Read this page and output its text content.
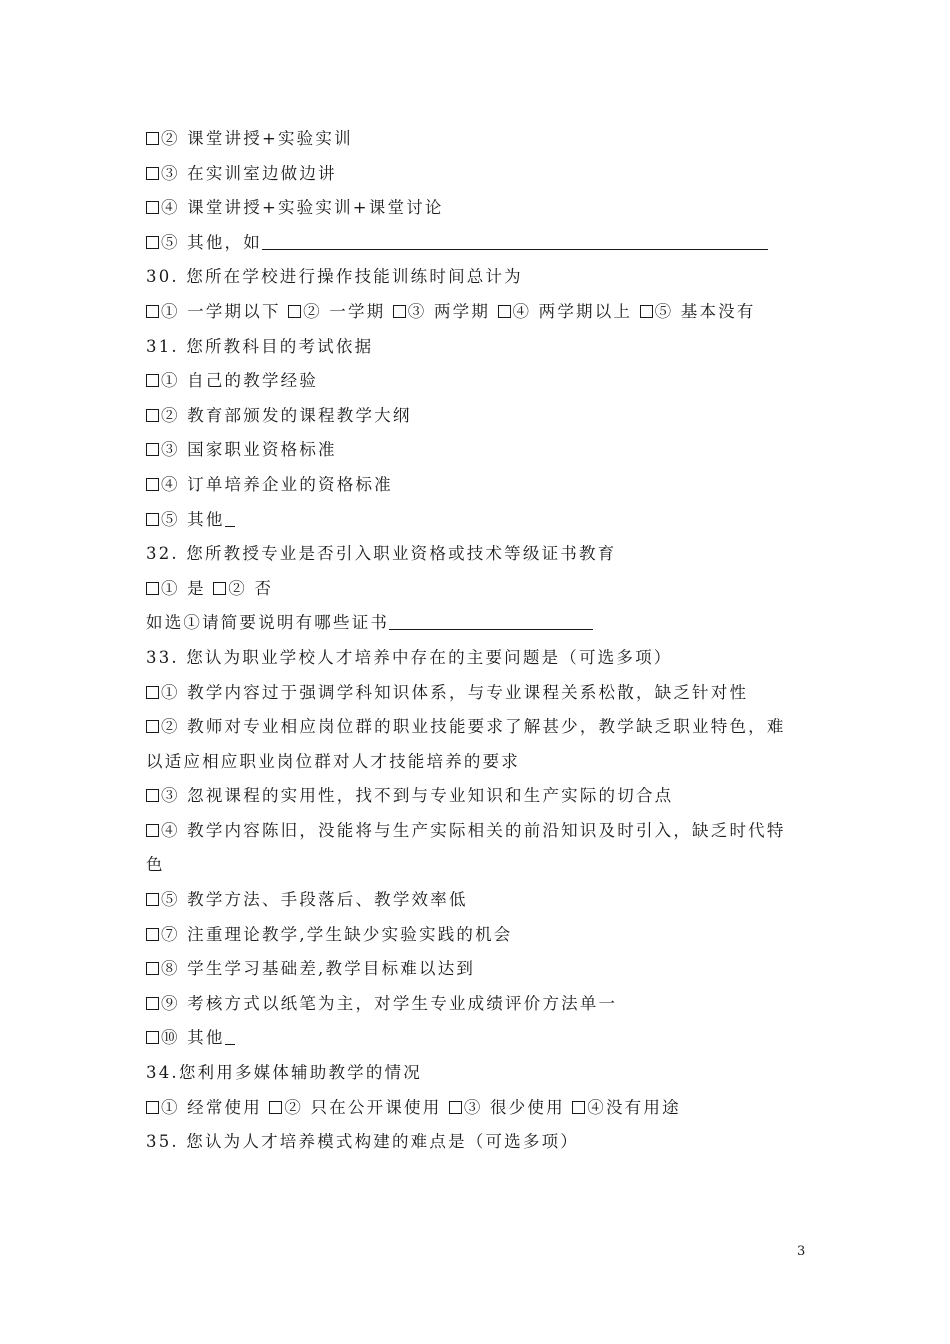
② 课堂讲授+实验实训
③ 在实训室边做边讲
④ 课堂讲授+实验实训+课堂讨论
⑤ 其他，如
30. 您所在学校进行操作技能训练时间总计为
① 一学期以下 ② 一学期 ③ 两学期 ④ 两学期以上 ⑤ 基本没有
31. 您所教科目的考试依据
① 自己的教学经验
② 教育部颁发的课程教学大纲
③ 国家职业资格标准
④ 订单培养企业的资格标准
⑤ 其他
32. 您所教授专业是否引入职业资格或技术等级证书教育
① 是 ② 否
如选①请简要说明有哪些证书
33. 您认为职业学校人才培养中存在的主要问题是（可选多项）
① 教学内容过于强调学科知识体系，与专业课程关系松散，缺乏针对性
② 教师对专业相应岗位群的职业技能要求了解甚少，教学缺乏职业特色，难
以适应相应职业岗位群对人才技能培养的要求
③ 忽视课程的实用性，找不到与专业知识和生产实际的切合点
④ 教学内容陈旧，没能将与生产实际相关的前沿知识及时引入，缺乏时代特
色
⑤ 教学方法、手段落后、教学效率低
⑦ 注重理论教学,学生缺少实验实践的机会
⑧ 学生学习基础差,教学目标难以达到
⑨ 考核方式以纸笔为主，对学生专业成绩评价方法单一
⑩ 其他
34.您利用多媒体辅助教学的情况
① 经常使用 ② 只在公开课使用 ③ 很少使用 ④没有用途
35. 您认为人才培养模式构建的难点是（可选多项）
3
